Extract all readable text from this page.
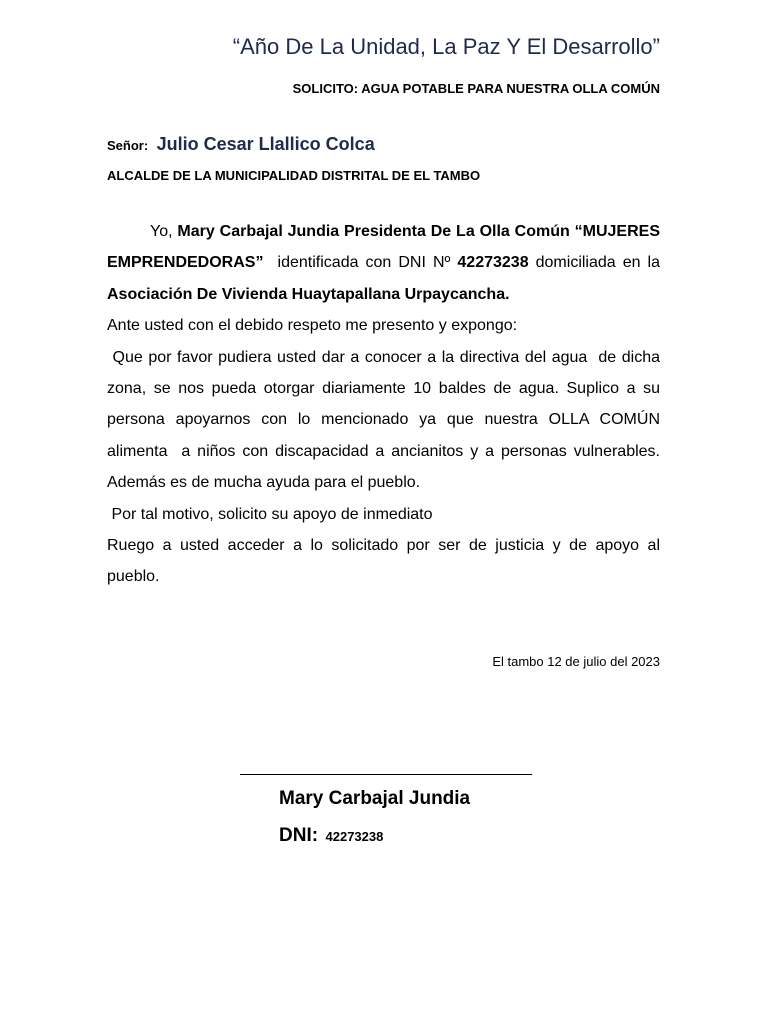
“Año De La Unidad, La Paz Y El Desarrollo”
SOLICITO: AGUA POTABLE PARA NUESTRA OLLA COMÚN
Señor: Julio Cesar Llallico Colca
ALCALDE DE LA MUNICIPALIDAD DISTRITAL DE EL TAMBO

Yo, Mary Carbajal Jundia Presidenta De La Olla Común “MUJERES EMPRENDEDORAS”  identificada con DNI Nº 42273238 domiciliada en la Asociación De Vivienda Huaytapallana Urpaycancha.

Ante usted con el debido respeto me presento y expongo:

Que por favor pudiera usted dar a conocer a la directiva del agua  de dicha zona, se nos pueda otorgar diariamente 10 baldes de agua. Suplico a su persona apoyarnos con lo mencionado ya que nuestra OLLA COMÚN alimenta  a niños con discapacidad a ancianitos y a personas vulnerables. Además es de mucha ayuda para el pueblo.

Por tal motivo, solicito su apoyo de inmediato

Ruego a usted acceder a lo solicitado por ser de justicia y de apoyo al pueblo.

El tambo 12 de julio del 2023
Mary Carbajal Jundia
DNI: 42273238
